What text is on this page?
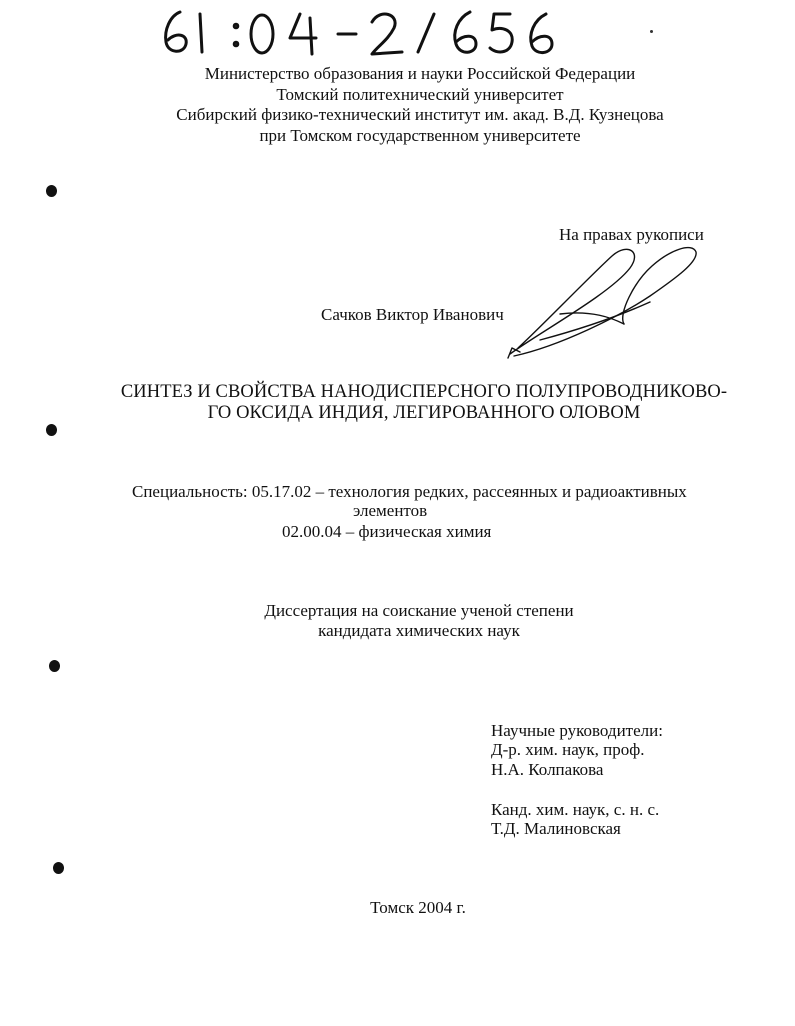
Министерство образования и науки Российской Федерации
Томский политехнический университет
Сибирский физико-технический институт им. акад. В.Д. Кузнецова
при Томском государственном университете
На правах рукописи
Сачков Виктор Иванович
СИНТЕЗ И СВОЙСТВА НАНОДИСПЕРСНОГО ПОЛУПРОВОДНИКОВО-
ГО ОКСИДА ИНДИЯ, ЛЕГИРОВАННОГО ОЛОВОМ
Специальность: 05.17.02 – технология редких, рассеянных и радиоактивных
элементов
02.00.04 – физическая химия
Диссертация на соискание ученой степени
кандидата химических наук
Научные руководители:
Д-р. хим. наук, проф.
Н.А. Колпакова
Канд. хим. наук, с. н. с.
Т.Д. Малиновская
Томск 2004 г.
